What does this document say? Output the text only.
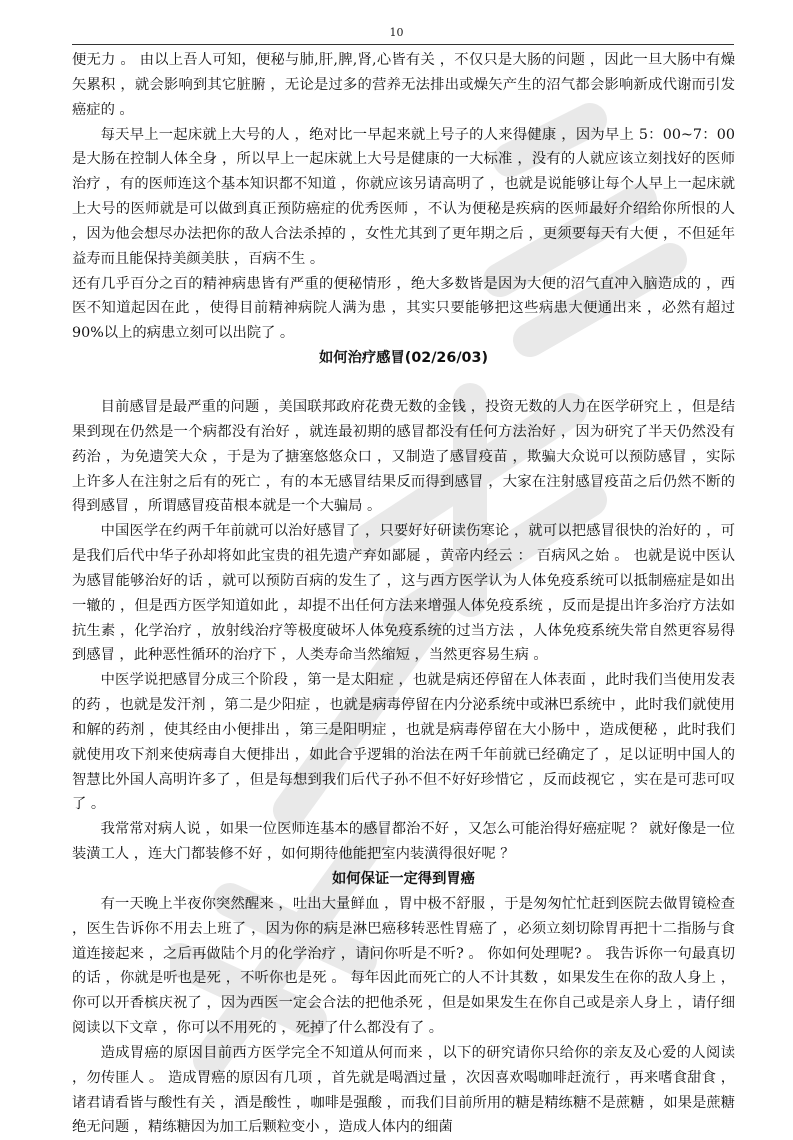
10

便无力 。 由以上吾人可知，便秘与肺,肝,脾,肾,心皆有关 ，不仅只是大肠的问题 ，因此一旦大肠中有燥矢累积 ，就会影响到其它脏腑 ，无论是过多的营养无法排出或燥矢产生的沼气都会影响新成代谢而引发癌症的 。

每天早上一起床就上大号的人 ，绝对比一早起来就上号子的人来得健康 ，因为早上 5：00~7：00 是大肠在控制人体全身 ，所以早上一起床就上大号是健康的一大标准 ，没有的人就应该立刻找好的医师治疗 ，有的医师连这个基本知识都不知道 ，你就应该另请高明了 ，也就是说能够让每个人早上一起床就上大号的医师就是可以做到真正预防癌症的优秀医师 ，不认为便秘是疾病的医师最好介绍给你所恨的人 ，因为他会想尽办法把你的敌人合法杀掉的 ，女性尤其到了更年期之后 ，更须要每天有大便 ，不但延年益寿而且能保持美颜美肤 ，百病不生 。

还有几乎百分之百的精神病患皆有严重的便秘情形 ，绝大多数皆是因为大便的沼气直冲入脑造成的 ，西医不知道起因在此 ，使得目前精神病院人满为患 ，其实只要能够把这些病患大便通出来 ，必然有超过 90%以上的病患立刻可以出院了 。

如何治疗感冒(02/26/03)

目前感冒是最严重的问题 ，美国联邦政府花费无数的金钱 ，投资无数的人力在医学研究上 ，但是结果到现在仍然是一个病都没有治好 ，就连最初期的感冒都没有任何方法治好 ，因为研究了半天仍然没有药治 ，为免遗笑大众 ，于是为了搪塞悠悠众口 ，又制造了感冒疫苗 ，欺骗大众说可以预防感冒 ，实际上许多人在注射之后有的死亡 ，有的本无感冒结果反而得到感冒 ，大家在注射感冒疫苗之后仍然不断的得到感冒 ，所谓感冒疫苗根本就是一个大骗局 。

中国医学在约两千年前就可以治好感冒了 ，只要好好研读伤寒论 ，就可以把感冒很快的治好的 ，可是我们后代中华子孙却将如此宝贵的祖先遗产弃如鄙屣 ，黄帝内经云 ： 百病风之始 。 也就是说中医认为感冒能够治好的话 ，就可以预防百病的发生了 ，这与西方医学认为人体免疫系统可以抵制癌症是如出一辙的 ，但是西方医学知道如此 ，却提不出任何方法来增强人体免疫系统 ，反而是提出许多治疗方法如抗生素 ，化学治疗 ，放射线治疗等极度破坏人体免疫系统的过当方法 ，人体免疫系统失常自然更容易得到感冒 ，此种恶性循环的治疗下 ，人类寿命当然缩短 ，当然更容易生病 。

中医学说把感冒分成三个阶段 ，第一是太阳症 ，也就是病还停留在人体表面 ，此时我们当使用发表的药 ，也就是发汗剂 ，第二是少阳症 ，也就是病毒停留在内分泌系统中或淋巴系统中 ，此时我们就使用和解的药剂 ，使其经由小便排出 ，第三是阳明症 ，也就是病毒停留在大小肠中 ，造成便秘 ，此时我们就使用攻下剂来使病毒自大便排出 ，如此合乎逻辑的治法在两千年前就已经确定了 ，足以证明中国人的智慧比外国人高明许多了 ，但是每想到我们后代子孙不但不好好珍惜它 ，反而歧视它 ，实在是可悲可叹了 。

我常常对病人说 ，如果一位医师连基本的感冒都治不好 ，又怎么可能治得好癌症呢 ？ 就好像是一位装潢工人 ，连大门都装修不好 ，如何期待他能把室内装潢得很好呢 ？

如何保证一定得到胃癌

有一天晚上半夜你突然醒来 ，吐出大量鲜血 ，胃中极不舒服 ，于是匆匆忙忙赶到医院去做胃镜检查 ，医生告诉你不用去上班了 ，因为你的病是淋巴癌移转恶性胃癌了 ，必须立刻切除胃再把十二指肠与食道连接起来 ，之后再做陆个月的化学治疗 ，请问你听是不听? 。 你如何处理呢? 。 我告诉你一句最真切的话 ，你就是听也是死 ，不听你也是死 。 每年因此而死亡的人不计其数 ，如果发生在你的敌人身上 ，你可以开香槟庆祝了 ，因为西医一定会合法的把他杀死 ，但是如果发生在你自己或是亲人身上 ，请仔细阅读以下文章 ，你可以不用死的 ，死掉了什么都没有了 。

造成胃癌的原因目前西方医学完全不知道从何而来 ，以下的研究请你只给你的亲友及心爱的人阅读 ，勿传匪人 。 造成胃癌的原因有几项 ，首先就是喝酒过量 ，次因喜欢喝咖啡赶流行 ，再来嗜食甜食 ，诸君请看皆与酸性有关 ，酒是酸性 ，咖啡是强酸 ，而我们目前所用的糖是精练糖不是蔗糖 ，如果是蔗糖绝无问题 ，精练糖因为加工后颗粒变小 ，造成人体内的细菌
